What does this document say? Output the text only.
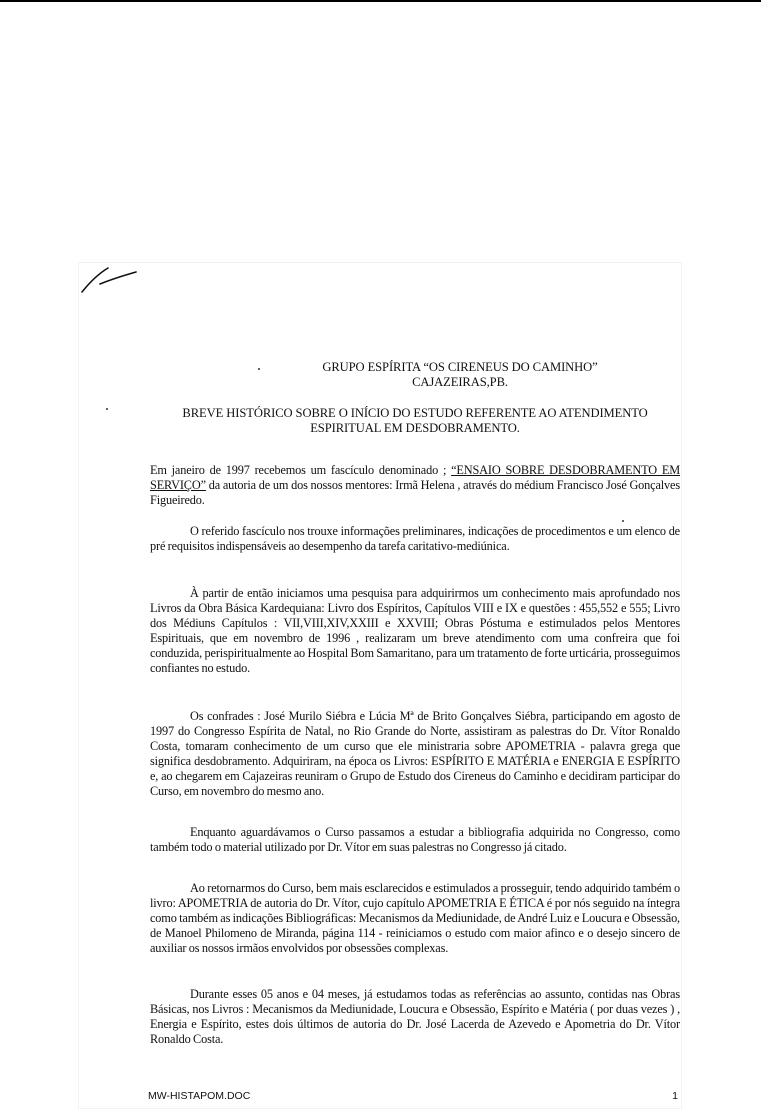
GRUPO ESPÍRITA “OS CIRENEUS DO CAMINHO”
CAJAZEIRAS,PB.
BREVE HISTÓRICO SOBRE O INÍCIO DO ESTUDO REFERENTE AO ATENDIMENTO
ESPIRITUAL EM DESDOBRAMENTO.
Em janeiro de 1997 recebemos um fascículo denominado ; “ENSAIO SOBRE DESDOBRAMENTO EM SERVIÇO” da autoria de um dos nossos mentores: Irmã Helena , através do médium Francisco José Gonçalves Figueiredo.
O referido fascículo nos trouxe informações preliminares, indicações de procedimentos e um elenco de pré requisitos indispensáveis ao desempenho da tarefa caritativo-mediúnica.
À partir de então iniciamos uma pesquisa para adquirirmos um conhecimento mais aprofundado nos Livros da Obra Básica Kardequiana: Livro dos Espíritos, Capítulos VIII e IX e questões : 455,552 e 555; Livro dos Médiuns Capítulos : VII,VIII,XIV,XXIII e XXVIII; Obras Póstuma e estimulados pelos Mentores Espirituais, que em novembro de 1996 , realizaram um breve atendimento com uma confreira que foi conduzida, perispiritualmente ao Hospital Bom Samaritano, para um tratamento de forte urticária, prosseguimos confiantes no estudo.
Os confrades : José Murilo Siébra e Lúcia Mª de Brito Gonçalves Siébra, participando em agosto de 1997 do Congresso Espírita de Natal, no Rio Grande do Norte, assistiram as palestras do Dr. Vítor Ronaldo Costa, tomaram conhecimento de um curso que ele ministraria sobre APOMETRIA - palavra grega que significa desdobramento. Adquiriram, na época os Livros: ESPÍRITO E MATÉRIA e ENERGIA E ESPÍRITO e, ao chegarem em Cajazeiras reuniram o Grupo de Estudo dos Cireneus do Caminho e decidiram participar do Curso, em novembro do mesmo ano.
Enquanto aguardávamos o Curso passamos a estudar a bibliografia adquirida no Congresso, como também todo o material utilizado por Dr. Vítor em suas palestras no Congresso já citado.
Ao retornarmos do Curso, bem mais esclarecidos e estimulados a prosseguir, tendo adquirido também o livro: APOMETRIA de autoria do Dr. Vítor, cujo capítulo APOMETRIA E ÉTICA é por nós seguido na íntegra como também as indicações Bibliográficas: Mecanismos da Mediunidade, de André Luiz e Loucura e Obsessão, de Manoel Philomeno de Miranda, página 114 - reiniciamos o estudo com maior afinco e o desejo sincero de auxiliar os nossos irmãos envolvidos por obsessões complexas.
Durante esses 05 anos e 04 meses, já estudamos todas as referências ao assunto, contidas nas Obras Básicas, nos Livros : Mecanismos da Mediunidade, Loucura e Obsessão, Espírito e Matéria ( por duas vezes ) , Energia e Espírito, estes dois últimos de autoria do Dr. José Lacerda de Azevedo e Apometria do Dr. Vítor Ronaldo Costa.
MW-HISTAPOM.DOC	1
